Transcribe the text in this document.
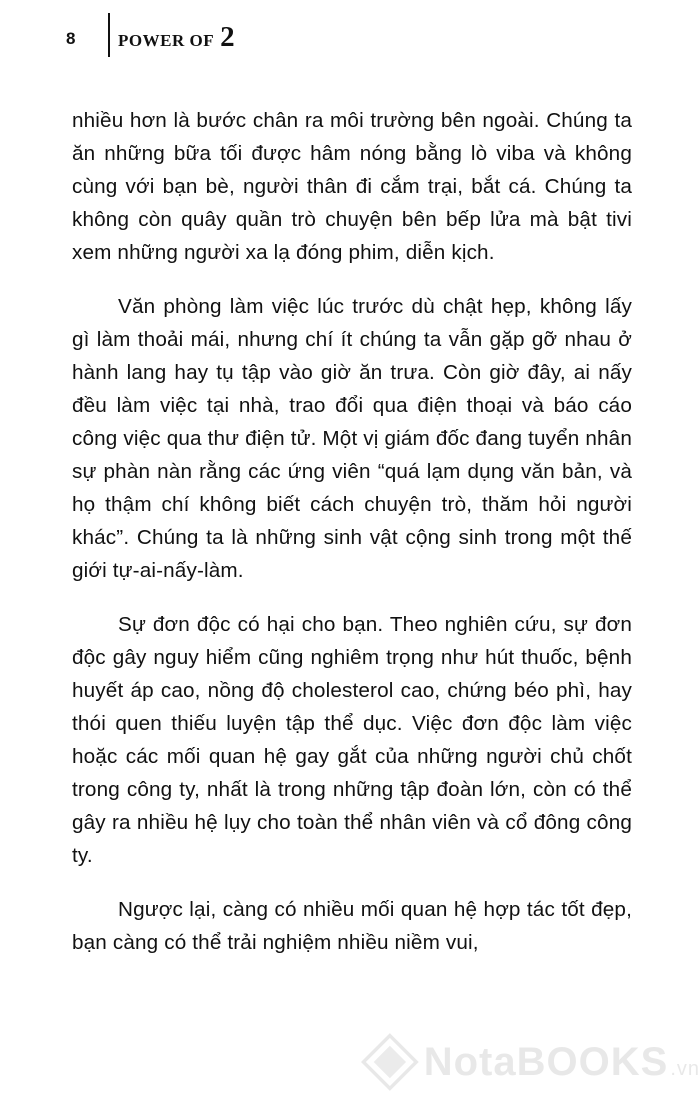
8	POWER OF 2

nhiều hơn là bước chân ra môi trường bên ngoài. Chúng ta ăn những bữa tối được hâm nóng bằng lò viba và không cùng với bạn bè, người thân đi cắm trại, bắt cá. Chúng ta không còn quây quần trò chuyện bên bếp lửa mà bật tivi xem những người xa lạ đóng phim, diễn kịch.

Văn phòng làm việc lúc trước dù chật hẹp, không lấy gì làm thoải mái, nhưng chí ít chúng ta vẫn gặp gỡ nhau ở hành lang hay tụ tập vào giờ ăn trưa. Còn giờ đây, ai nấy đều làm việc tại nhà, trao đổi qua điện thoại và báo cáo công việc qua thư điện tử. Một vị giám đốc đang tuyển nhân sự phàn nàn rằng các ứng viên “quá lạm dụng văn bản, và họ thậm chí không biết cách chuyện trò, thăm hỏi người khác”. Chúng ta là những sinh vật cộng sinh trong một thế giới tự-ai-nấy-làm.

Sự đơn độc có hại cho bạn. Theo nghiên cứu, sự đơn độc gây nguy hiểm cũng nghiêm trọng như hút thuốc, bệnh huyết áp cao, nồng độ cholesterol cao, chứng béo phì, hay thói quen thiếu luyện tập thể dục. Việc đơn độc làm việc hoặc các mối quan hệ gay gắt của những người chủ chốt trong công ty, nhất là trong những tập đoàn lớn, còn có thể gây ra nhiều hệ lụy cho toàn thể nhân viên và cổ đông công ty.

Ngược lại, càng có nhiều mối quan hệ hợp tác tốt đẹp, bạn càng có thể trải nghiệm nhiều niềm vui,

NotaBOOKS .vn
